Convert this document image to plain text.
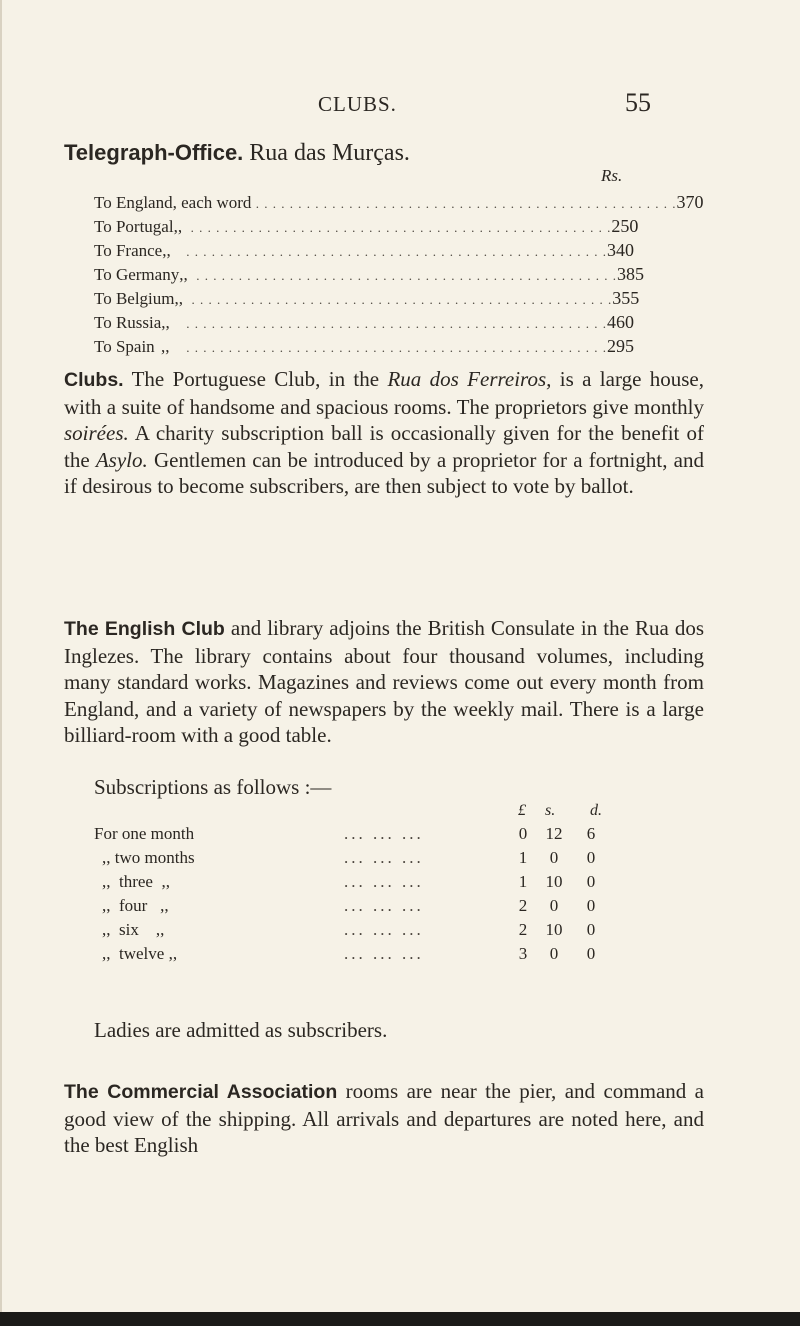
CLUBS.	55
Telegraph-Office. Rua das Murças.
Rs.
To England, each word . . . . . . . . . . . . . . . . . . . . . . . . . . . . . . . . . . . . . . . . . . . . . . . . . . 370
To Portugal ,, . . . . . . . . . . . . . . . . . . . . . . . . . . . . . . . . . . . . . . . . . . . . . . . . . . 250
To France ,, . . . . . . . . . . . . . . . . . . . . . . . . . . . . . . . . . . . . . . . . . . . . . . . . . . 340
To Germany ,, . . . . . . . . . . . . . . . . . . . . . . . . . . . . . . . . . . . . . . . . . . . . . . . . . . 385
To Belgium ,, . . . . . . . . . . . . . . . . . . . . . . . . . . . . . . . . . . . . . . . . . . . . . . . . . . 355
To Russia ,, . . . . . . . . . . . . . . . . . . . . . . . . . . . . . . . . . . . . . . . . . . . . . . . . . . 460
To Spain ,, . . . . . . . . . . . . . . . . . . . . . . . . . . . . . . . . . . . . . . . . . . . . . . . . . . 295

Clubs. The Portuguese Club, in the Rua dos Ferreiros, is a large house, with a suite of handsome and spacious rooms. The proprietors give monthly soirées. A charity subscription ball is occasionally given for the benefit of the Asylo. Gentlemen can be introduced by a proprietor for a fortnight, and if desirous to become subscribers, are then subject to vote by ballot.

The English Club and library adjoins the British Consulate in the Rua dos Inglezes. The library contains about four thousand volumes, including many standard works. Magazines and reviews come out every month from England, and a variety of newspapers by the weekly mail. There is a large billiard-room with a good table.

Subscriptions as follows :—
£ s. d.
For one month	... ... ...	0	12	6
,, two months	... ... ...	1	0	0
,,  three  ,,	... ... ...	1	10	0
,,  four   ,,	... ... ...	2	0	0
,,  six    ,,	... ... ...	2	10	0
,,  twelve ,,	... ... ...	3	0	0
Ladies are admitted as subscribers.

The Commercial Association rooms are near the pier, and command a good view of the shipping. All arrivals and departures are noted here, and the best English
